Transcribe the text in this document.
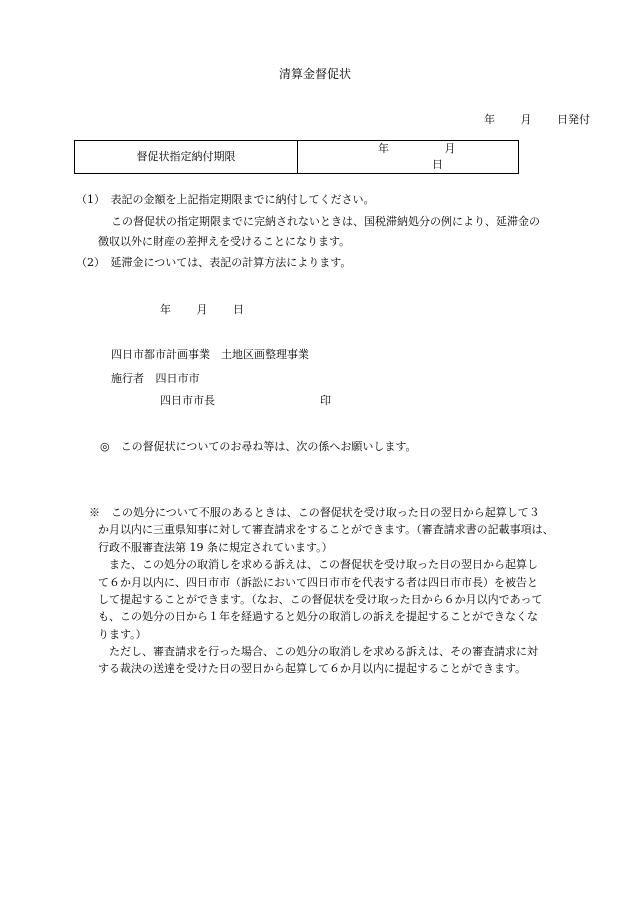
清算金督促状
年 月 日発付
督促状指定納付期限	年	月 日
（1）　表記の金額を上記指定期限までに納付してください。
この督促状の指定期限までに完納されないときは、国税滞納処分の例により、延滞金の
徴収以外に財産の差押えを受けることになります。
（2）　延滞金については、表記の計算方法によります。
年 月 日
四日市都市計画事業　土地区画整理事業
施行者 四日市市
四日市市長	印
◎　この督促状についてのお尋ね等は、次の係へお願いします。
※　この処分について不服のあるときは、この督促状を受け取った日の翌日から起算して３
か月以内に三重県知事に対して審査請求をすることができます。（審査請求書の記載事項は、
行政不服審査法第 19 条に規定されています。）
　また、この処分の取消しを求める訴えは、この督促状を受け取った日の翌日から起算し
て６か月以内に、四日市市（訴訟において四日市市を代表する者は四日市市長）を被告と
して提起することができます。（なお、この督促状を受け取った日から６か月以内であって
も、この処分の日から１年を経過すると処分の取消しの訴えを提起することができなくな
ります。）
　ただし、審査請求を行った場合、この処分の取消しを求める訴えは、その審査請求に対
する裁決の送達を受けた日の翌日から起算して６か月以内に提起することができます。
